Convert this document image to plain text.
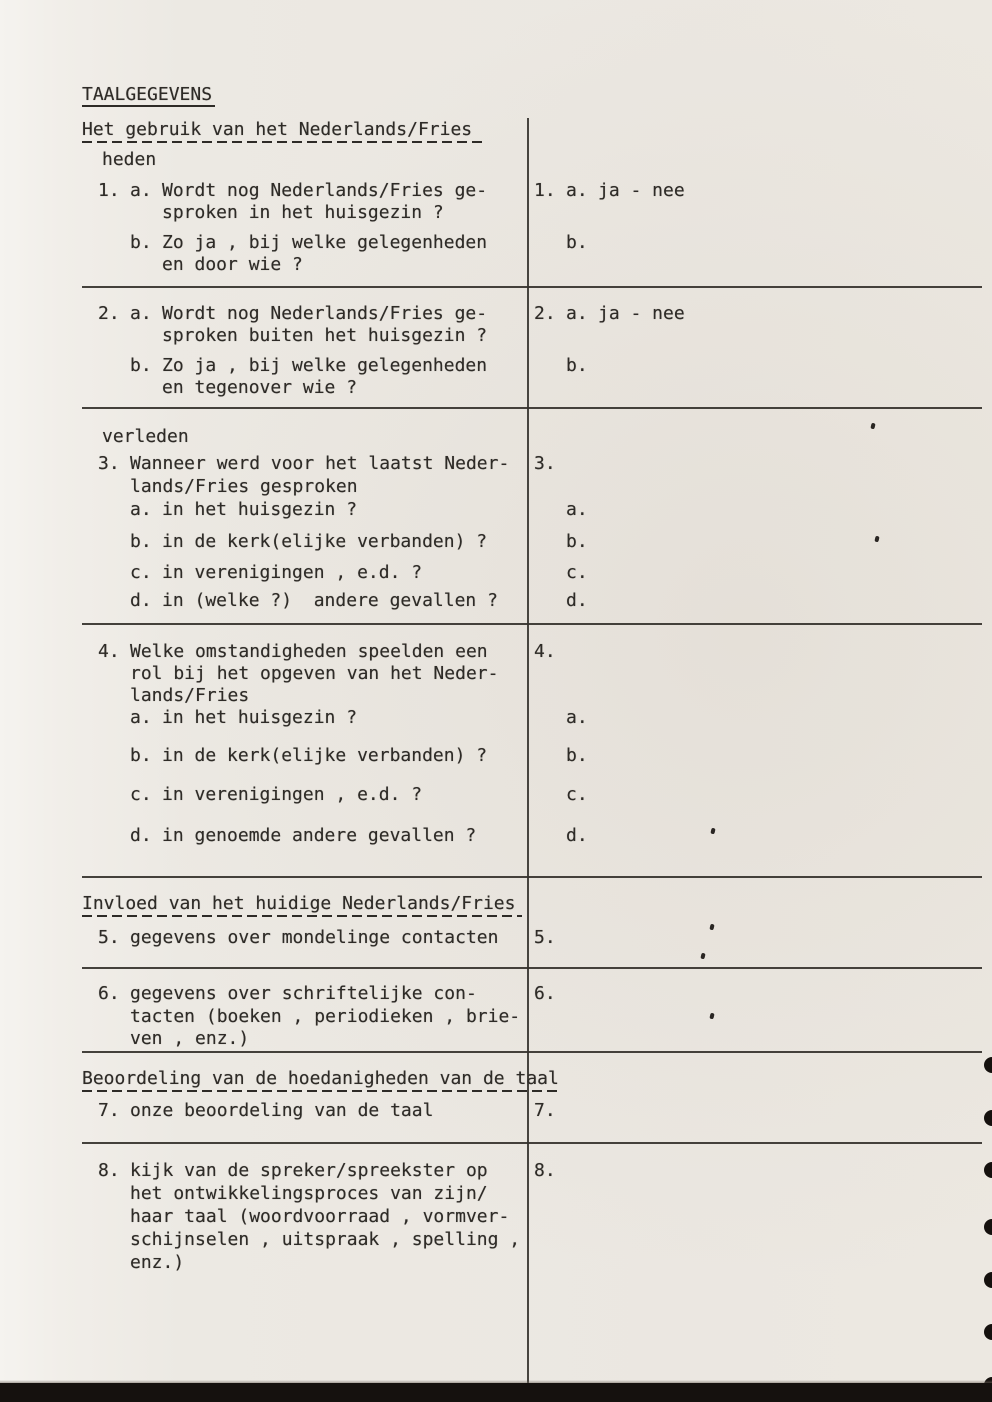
TAALGEGEVENS
Het gebruik van het Nederlands/Fries
heden
1. a. Wordt nog Nederlands/Fries ge-
sproken in het huisgezin ?
b. Zo ja , bij welke gelegenheden
en door wie ?
1. a. ja - nee
b.
2. a. Wordt nog Nederlands/Fries ge-
sproken buiten het huisgezin ?
b. Zo ja , bij welke gelegenheden
en tegenover wie ?
2. a. ja - nee
b.
verleden
3. Wanneer werd voor het laatst Neder-
lands/Fries gesproken
a. in het huisgezin ?
b. in de kerk(elijke verbanden) ?
c. in verenigingen , e.d. ?
d. in (welke ?)  andere gevallen ?
3.
a.
b.
c.
d.
4. Welke omstandigheden speelden een
rol bij het opgeven van het Neder-
lands/Fries
a. in het huisgezin ?
b. in de kerk(elijke verbanden) ?
c. in verenigingen , e.d. ?
d. in genoemde andere gevallen ?
4.
a.
b.
c.
d.
Invloed van het huidige Nederlands/Fries
5. gegevens over mondelinge contacten 5.
6. gegevens over schriftelijke con-
tacten (boeken , periodieken , brie-
ven , enz.)
6.
Beoordeling van de hoedanigheden van de taal
7. onze beoordeling van de taal	7.
8. kijk van de spreker/spreekster op
het ontwikkelingsproces van zijn/
haar taal (woordvoorraad , vormver-
schijnselen , uitspraak , spelling ,
enz.)
8.
